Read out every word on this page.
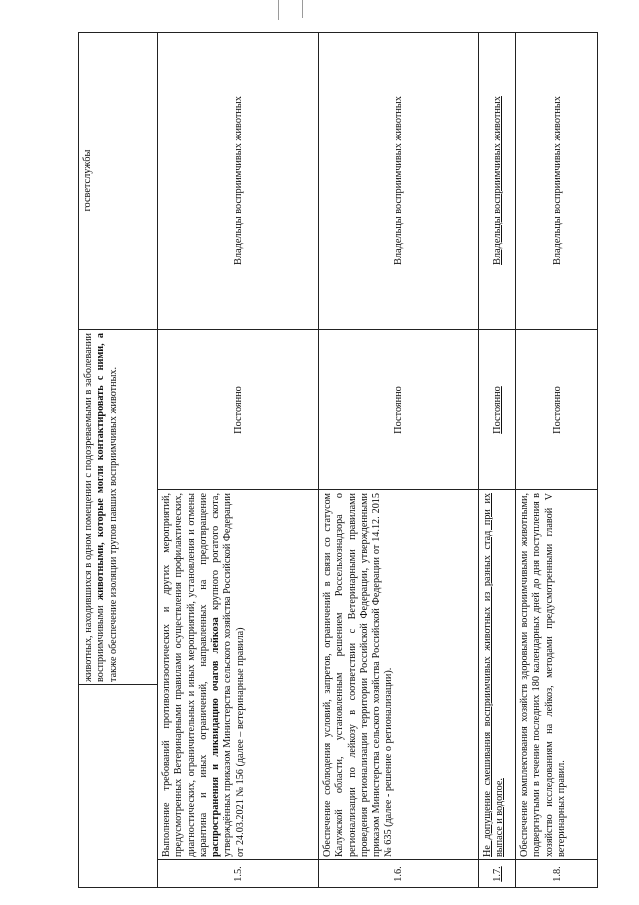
госветслужбы
животных, находившихся в одном помещении с подозреваемыми в заболевании восприимчивыми животными, которые могли контактировать с ними, а также обеспечение изоляции трупов павших восприимчивых животных.
Владельцы восприимчивых животных
Постоянно
Выполнение требований противоэпизоотических и других мероприятий, предусмотренных Ветеринарными правилами осуществления профилактических, диагностических, ограничительных и иных мероприятий, установления и отмены карантина и иных ограничений, направленных на предотвращение распространения и ликвидацию очагов лейкоза крупного рогатого скота, утверждённых приказом Министерства сельского хозяйства Российской Федерации от 24.03.2021 № 156 (далее – ветеринарные правила)
1.5.
Владельцы восприимчивых животных
Постоянно
Обеспечение соблюдения условий, запретов, ограничений в связи со статусом Калужской области, установленным решением Россельхознадзора о регионализации по лейкозу в соответствии с Ветеринарными правилами проведения регионализации территории Российской Федерации, утвержденными приказом Министерства сельского хозяйства Российской Федерации от 14.12. 2015 № 635 (далее - решение о регионализации).
1.6.
Владельцы восприимчивых животных
Постоянно
Не допущение смешивания восприимчивых животных из разных стад при их выпасе и водопое.
1.7.
Владельцы восприимчивых животных
Постоянно
Обеспечение комплектования хозяйств здоровыми восприимчивыми животными, подвергнутыми в течение последних 180 календарных дней до дня поступления в хозяйство исследованиям на лейкоз, методами предусмотренными главой V ветеринарных правил.
1.8.
